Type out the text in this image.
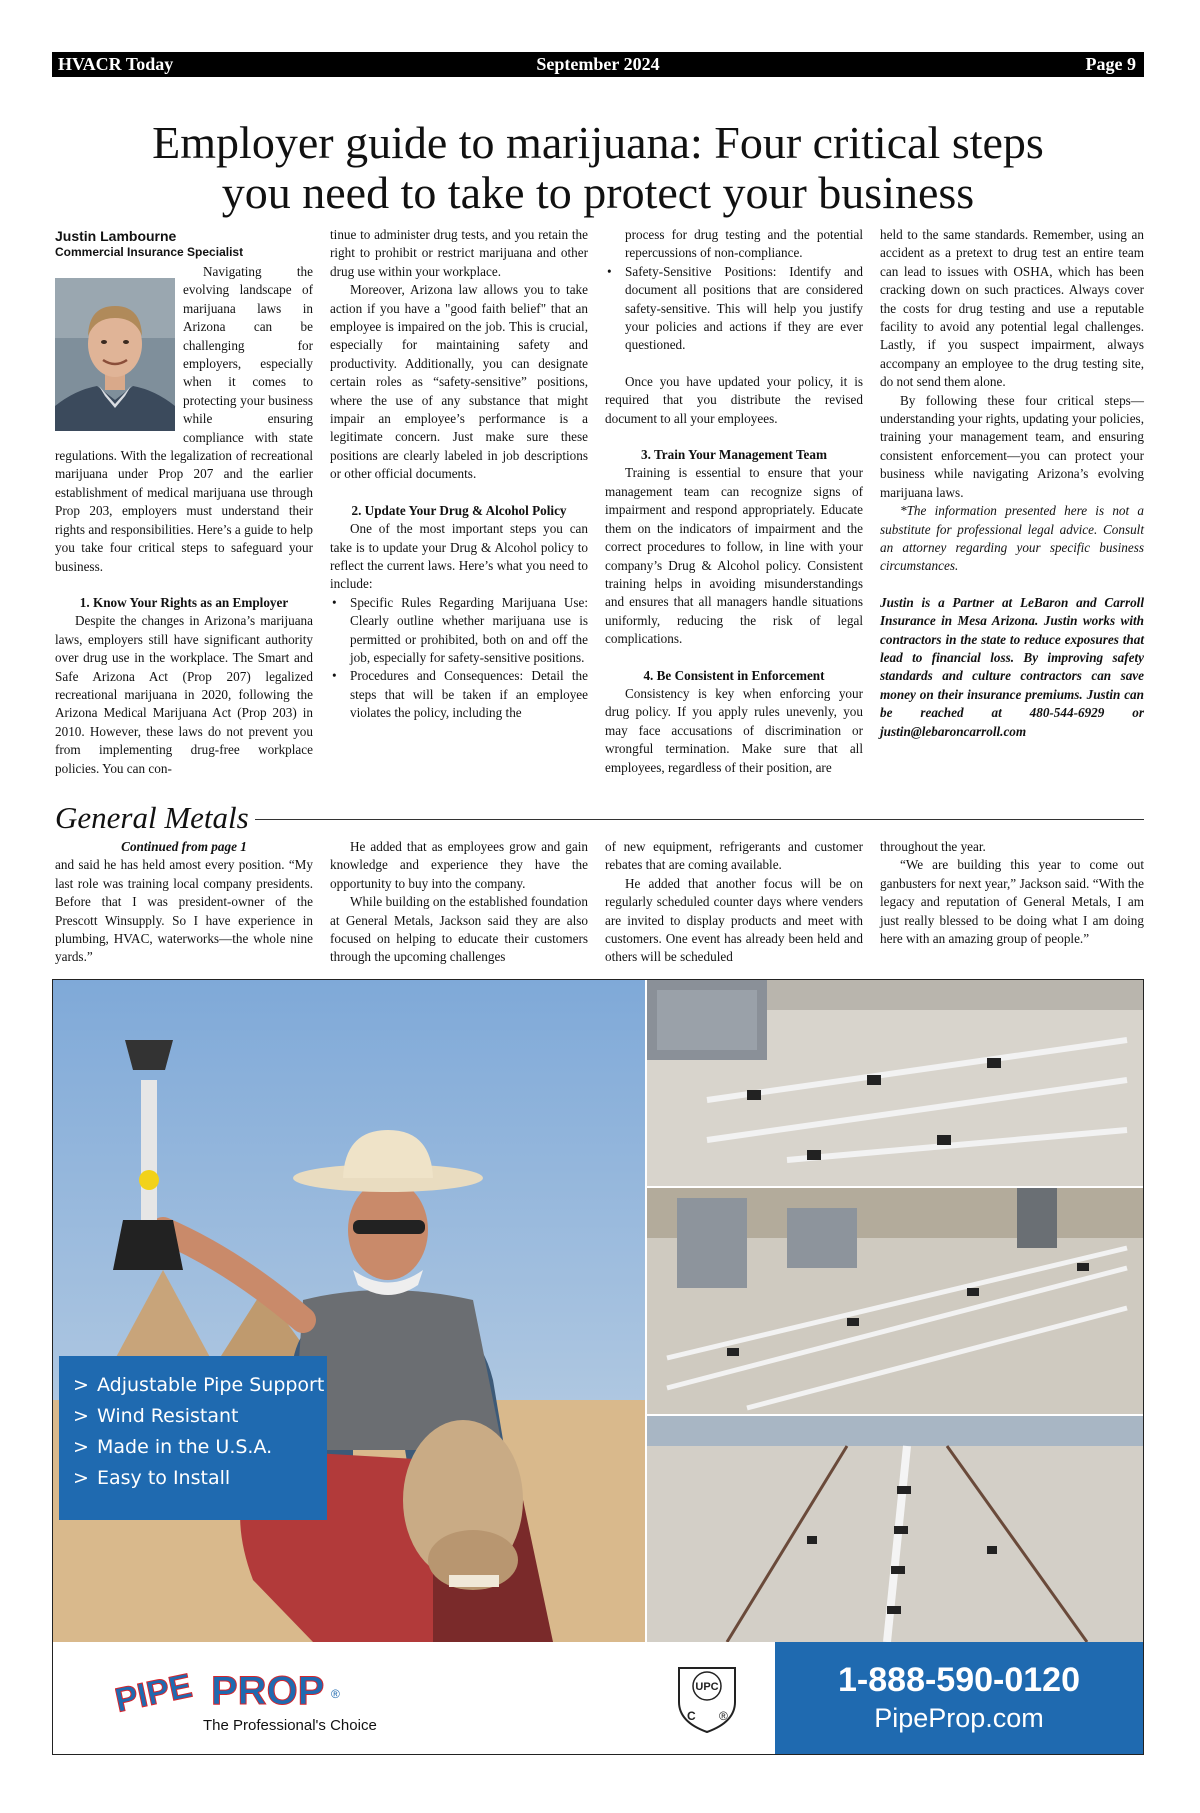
September 2024
HVACR Today	Page 9
Employer guide to marijuana: Four critical steps
you need to take to protect your business
Justin Lambourne
Commercial Insurance Specialist

Navigating the evolving landscape of marijuana laws in Arizona can be challenging for employers, especially when it comes to protecting your business while ensuring compliance with state regulations. With the legalization of recreational marijuana under Prop 207 and the earlier establishment of medical marijuana use through Prop 203, employers must understand their rights and responsibilities. Here’s a guide to help you take four critical steps to safeguard your business.

1. Know Your Rights as an Employer

Despite the changes in Arizona’s marijuana laws, employers still have significant authority over drug use in the workplace. The Smart and Safe Arizona Act (Prop 207) legalized recreational marijuana in 2020, following the Arizona Medical Marijuana Act (Prop 203) in 2010. However, these laws do not prevent you from implementing drug-free workplace policies. You can con-

tinue to administer drug tests, and you retain the right to prohibit or restrict marijuana and other drug use within your workplace.

Moreover, Arizona law allows you to take action if you have a "good faith belief" that an employee is impaired on the job. This is crucial, especially for maintaining safety and productivity. Additionally, you can designate certain roles as “safety-sensitive” positions, where the use of any substance that might impair an employee’s performance is a legitimate concern. Just make sure these positions are clearly labeled in job descriptions or other official documents.

2. Update Your Drug & Alcohol Policy

One of the most important steps you can take is to update your Drug & Alcohol policy to reflect the current laws. Here’s what you need to include:

• Specific Rules Regarding Marijuana Use: Clearly outline whether marijuana use is permitted or prohibited, both on and off the job, especially for safety-sensitive positions.
• Procedures and Consequences: Detail the steps that will be taken if an employee violates the policy, including the
• process for drug testing and the potential repercussions of non-compliance.
• Safety-Sensitive Positions: Identify and document all positions that are considered safety-sensitive. This will help you justify your policies and actions if they are ever questioned.

Once you have updated your policy, it is required that you distribute the revised document to all your employees.

3. Train Your Management Team

Training is essential to ensure that your management team can recognize signs of impairment and respond appropriately. Educate them on the indicators of impairment and the correct procedures to follow, in line with your company’s Drug & Alcohol policy. Consistent training helps in avoiding misunderstandings and ensures that all managers handle situations uniformly, reducing the risk of legal complications.

4. Be Consistent in Enforcement

Consistency is key when enforcing your drug policy. If you apply rules unevenly, you may face accusations of discrimination or wrongful termination. Make sure that all employees, regardless of their position, are

held to the same standards. Remember, using an accident as a pretext to drug test an entire team can lead to issues with OSHA, which has been cracking down on such practices. Always cover the costs for drug testing and use a reputable facility to avoid any potential legal challenges. Lastly, if you suspect impairment, always accompany an employee to the drug testing site, do not send them alone.

By following these four critical steps—understanding your rights, updating your policies, training your management team, and ensuring consistent enforcement—you can protect your business while navigating Arizona’s evolving marijuana laws.

*The information presented here is not a substitute for professional legal advice. Consult an attorney regarding your specific business circumstances.

Justin is a Partner at LeBaron and Carroll Insurance in Mesa Arizona. Justin works with contractors in the state to reduce exposures that lead to financial loss. By improving safety standards and culture contractors can save money on their insurance premiums. Justin can be reached at 480-544-6929 or justin@lebaroncarroll.com

General Metals

Continued from page 1

and said he has held amost every position. “My last role was training local company presidents. Before that I was president-owner of the Prescott Winsupply. So I have experience in plumbing, HVAC, waterworks—the whole nine yards.”

He added that as employees grow and gain knowledge and experience they have the opportunity to buy into the company.

While building on the established foundation at General Metals, Jackson said they are also focused on helping to educate their customers through the upcoming challenges

of new equipment, refrigerants and customer rebates that are coming available.

He added that another focus will be on regularly scheduled counter days where venders are invited to display products and meet with customers. One event has already been held and others will be scheduled

throughout the year.

“We are building this year to come out ganbusters for next year,” Jackson said. “With the legacy and reputation of General Metals, I am just really blessed to be doing what I am doing here with an amazing group of people.”

> Adjustable Pipe Support
> Wind Resistant
> Made in the U.S.A.
> Easy to Install
PIPE PROP ®
The Professional's Choice
UPC
C ®
1-888-590-0120
PipeProp.com
